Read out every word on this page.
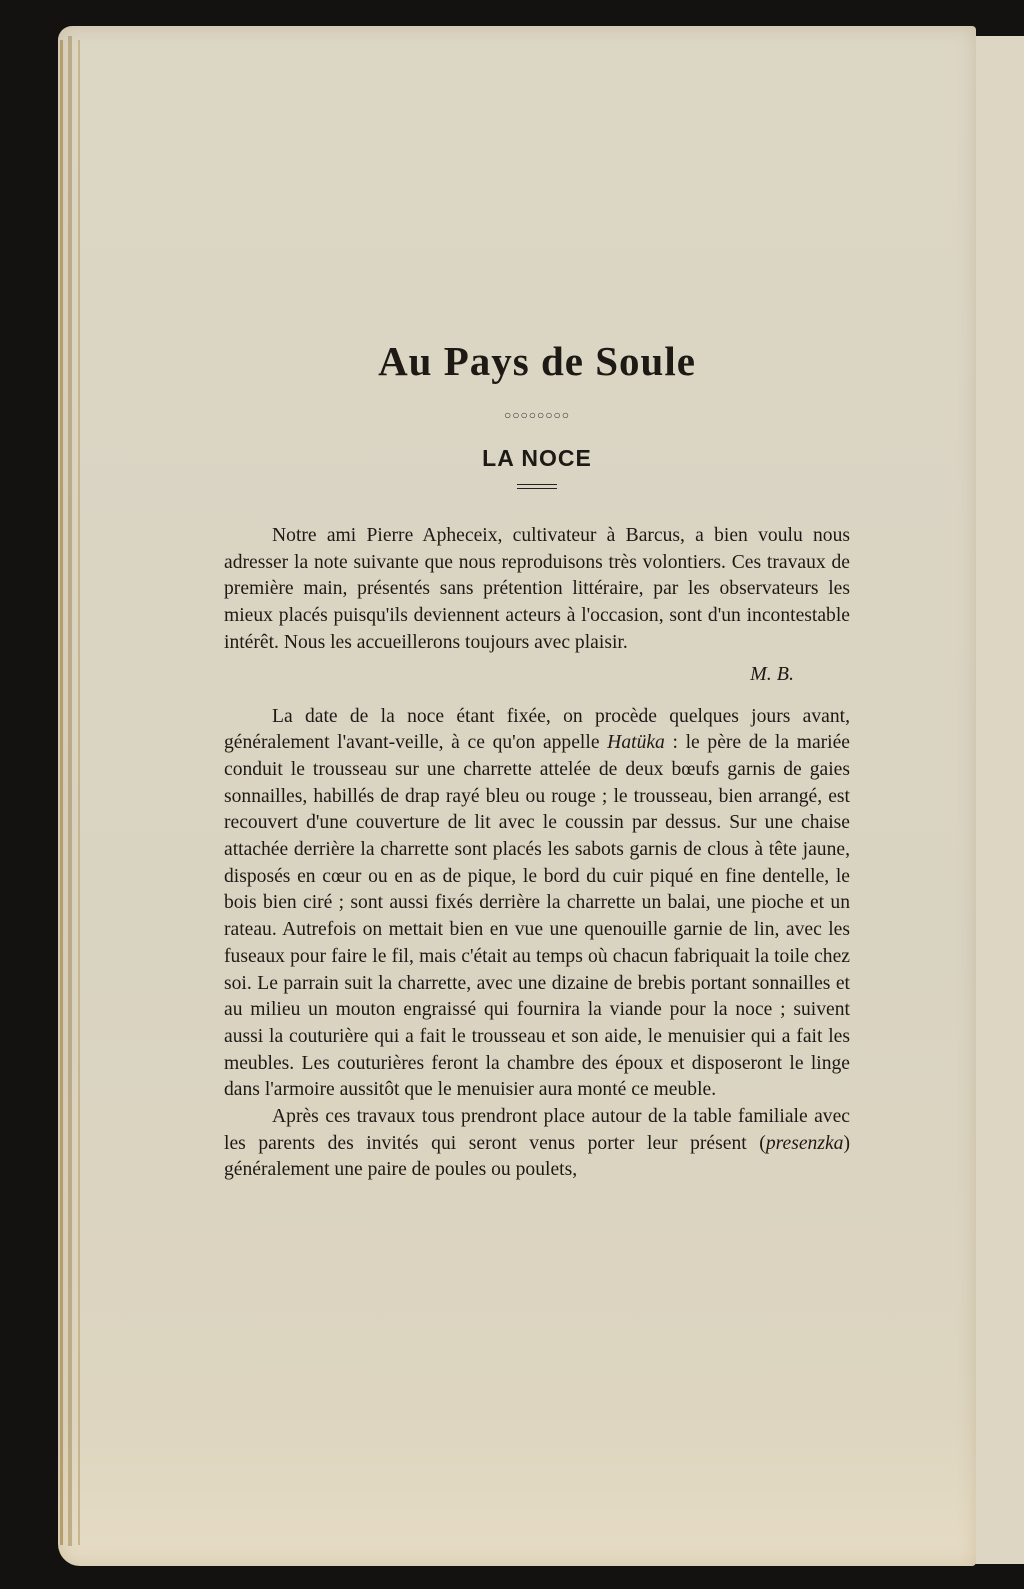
Au Pays de Soule
○○○○○○○○
LA NOCE

Notre ami Pierre Apheceix, cultivateur à Barcus, a bien voulu nous adresser la note suivante que nous reproduisons très volontiers. Ces travaux de première main, présentés sans prétention littéraire, par les observateurs les mieux placés puisqu'ils deviennent acteurs à l'occasion, sont d'un incontestable intérêt. Nous les accueillerons toujours avec plaisir.

M. B.

La date de la noce étant fixée, on procède quelques jours avant, généralement l'avant-veille, à ce qu'on appelle Hatüka : le père de la mariée conduit le trousseau sur une charrette attelée de deux bœufs garnis de gaies sonnailles, habillés de drap rayé bleu ou rouge ; le trousseau, bien arrangé, est recouvert d'une couverture de lit avec le coussin par dessus. Sur une chaise attachée derrière la charrette sont placés les sabots garnis de clous à tête jaune, disposés en cœur ou en as de pique, le bord du cuir piqué en fine dentelle, le bois bien ciré ; sont aussi fixés derrière la charrette un balai, une pioche et un rateau. Autrefois on mettait bien en vue une quenouille garnie de lin, avec les fuseaux pour faire le fil, mais c'était au temps où chacun fabriquait la toile chez soi. Le parrain suit la charrette, avec une dizaine de brebis portant sonnailles et au milieu un mouton engraissé qui fournira la viande pour la noce ; suivent aussi la couturière qui a fait le trousseau et son aide, le menuisier qui a fait les meubles. Les couturières feront la chambre des époux et disposeront le linge dans l'armoire aussitôt que le menuisier aura monté ce meuble.

Après ces travaux tous prendront place autour de la table familiale avec les parents des invités qui seront venus porter leur présent (presenzka) généralement une paire de poules ou poulets,
